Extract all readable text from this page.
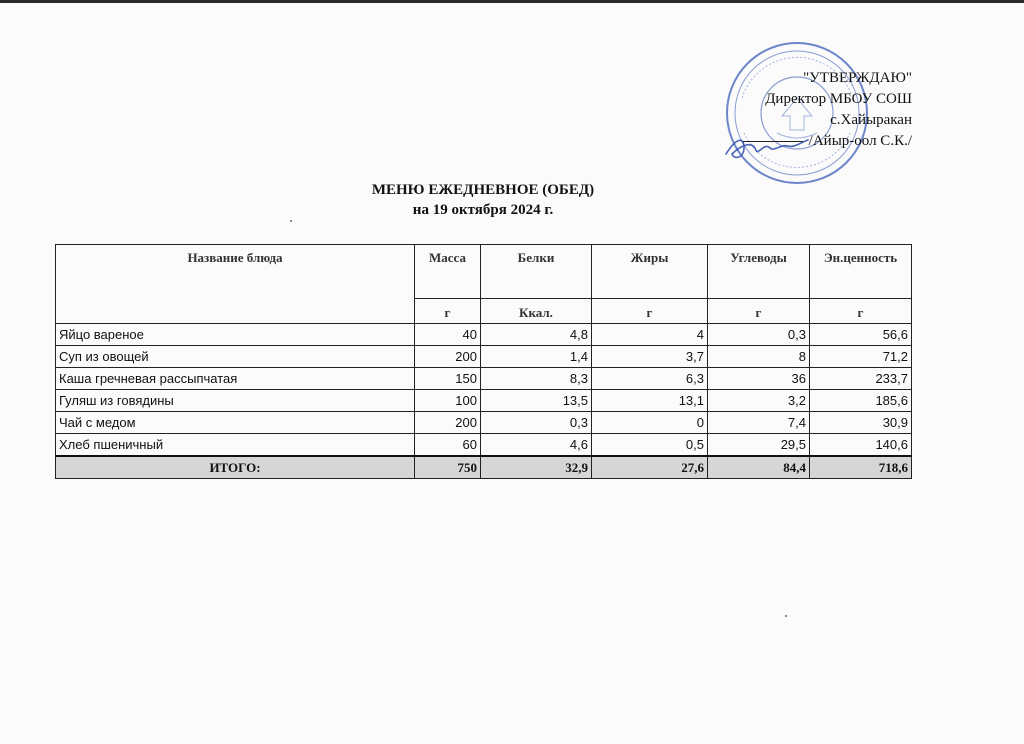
"УТВЕРЖДАЮ"
Директор МБОУ СОШ
с.Хайыракан
/Айыр-оол С.К./
МЕНЮ ЕЖЕДНЕВНОЕ (ОБЕД)
на 19 октября 2024 г.
Название блюда	Масса	Белки	Жиры	Углеводы	Эн.ценность
	г	Ккал.	г	г	г
Яйцо вареное	40	4,8	4	0,3	56,6
Суп из овощей	200	1,4	3,7	8	71,2
Каша гречневая рассыпчатая	150	8,3	6,3	36	233,7
Гуляш из говядины	100	13,5	13,1	3,2	185,6
Чай с медом	200	0,3	0	7,4	30,9
Хлеб пшеничный	60	4,6	0,5	29,5	140,6
ИТОГО:	750	32,9	27,6	84,4	718,6
